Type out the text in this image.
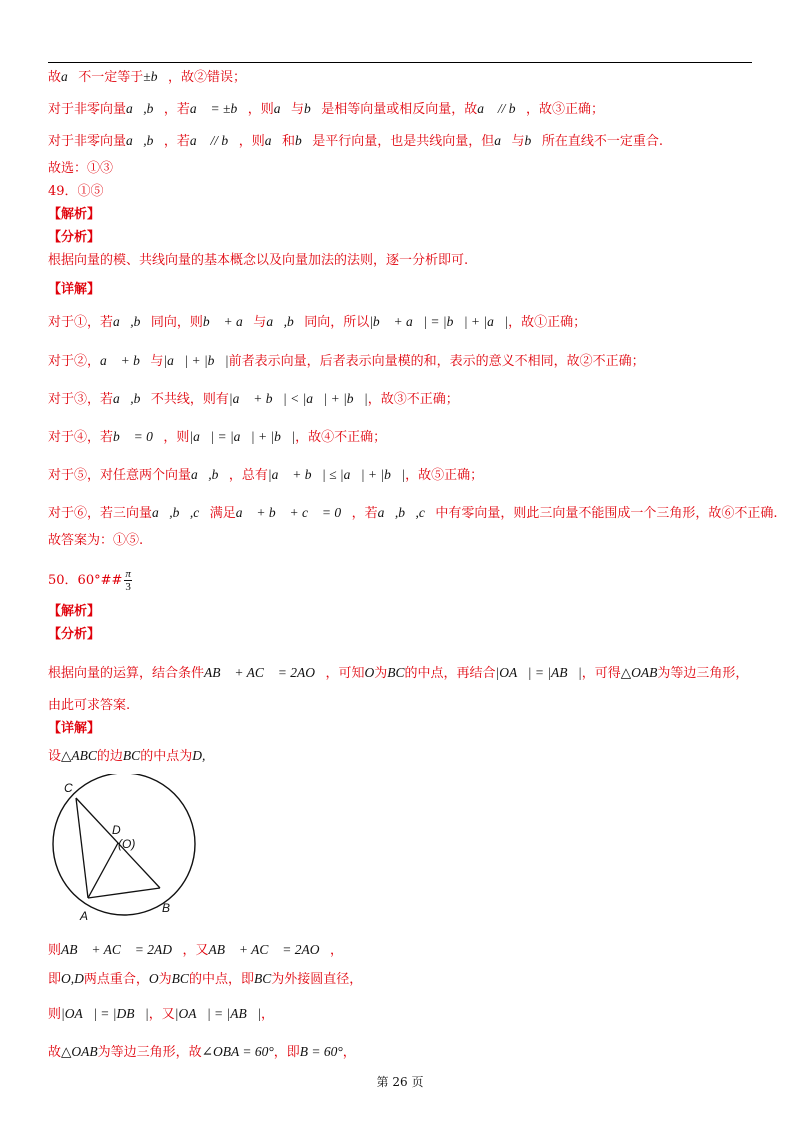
故a⃗不一定等于±b⃗，故②错误；
对于非零向量a⃗,b⃗，若a⃗ = ±b⃗，则a⃗与b⃗是相等向量或相反向量，故a⃗ // b⃗，故③正确；
对于非零向量a⃗,b⃗，若a⃗ // b⃗，则a⃗和b⃗是平行向量，也是共线向量，但a⃗与b⃗所在直线不一定重合.
故选：①③
49．①⑤
【解析】
【分析】
根据向量的模、共线向量的基本概念以及向量加法的法则，逐一分析即可.
【详解】
对于①，若a⃗,b⃗同向，则b⃗ + a⃗与a⃗,b⃗同向，所以|b⃗ + a⃗| = |b⃗| + |a⃗|，故①正确；
对于②，a⃗ + b⃗与|a⃗| + |b⃗|前者表示向量，后者表示向量模的和，表示的意义不相同，故②不正确；
对于③，若a⃗,b⃗不共线，则有|a⃗ + b⃗| < |a⃗| + |b⃗|，故③不正确；
对于④，若b⃗ = 0⃗，则|a⃗| = |a⃗| + |b⃗|，故④不正确；
对于⑤，对任意两个向量a⃗,b⃗，总有|a⃗ + b⃗| ≤ |a⃗| + |b⃗|，故⑤正确；
对于⑥，若三向量a⃗,b⃗,c⃗满足a⃗ + b⃗ + c⃗ = 0⃗，若a⃗,b⃗,c⃗中有零向量，则此三向量不能围成一个三角形，故⑥不正确.
故答案为：①⑤.
50．60°## $\frac{\pi}{3}$
【解析】
【分析】
根据向量的运算，结合条件AB⃗ + AC⃗ = 2AO⃗，可知O为BC的中点，再结合|OA⃗| = |AB⃗|，可得△OAB为等边三角形，
由此可求答案.
【详解】
设△ABC的边BC的中点为D,
则AB⃗ + AC⃗ = 2AD⃗，又AB⃗ + AC⃗ = 2AO⃗，
即O,D两点重合，O为BC的中点，即BC为外接圆直径，
则|OA⃗| = |DB⃗|，又|OA⃗| = |AB⃗|，
故△OAB为等边三角形，故∠OBA = 60°，即B = 60°，
C
D
(O)
A
B
第 26 页
